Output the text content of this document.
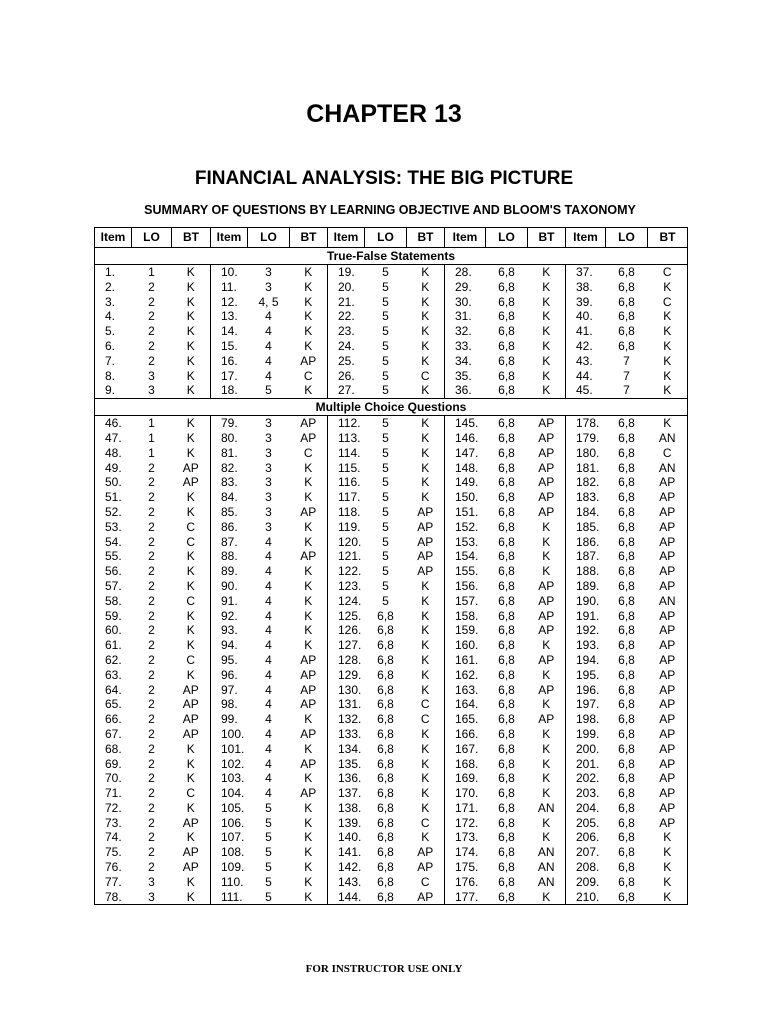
CHAPTER 13
FINANCIAL ANALYSIS: THE BIG PICTURE
SUMMARY OF QUESTIONS BY LEARNING OBJECTIVE AND BLOOM'S TAXONOMY
Item	LO	BT	Item	LO	BT	Item	LO	BT	Item	LO	BT	Item	LO	BT
True-False Statements														
1.	1	K	10.	3	K	19.	5	K	28.	6,8	K	37.	6,8	C
2.	2	K	11.	3	K	20.	5	K	29.	6,8	K	38.	6,8	K
3.	2	K	12.	4, 5	K	21.	5	K	30.	6,8	K	39.	6,8	C
4.	2	K	13.	4	K	22.	5	K	31.	6,8	K	40.	6,8	K
5.	2	K	14.	4	K	23.	5	K	32.	6,8	K	41.	6,8	K
6.	2	K	15.	4	K	24.	5	K	33.	6,8	K	42.	6,8	K
7.	2	K	16.	4	AP	25.	5	K	34.	6,8	K	43.	7	K
8.	3	K	17.	4	C	26.	5	C	35.	6,8	K	44.	7	K
9.	3	K	18.	5	K	27.	5	K	36.	6,8	K	45.	7	K
Multiple Choice Questions														
46.	1	K	79.	3	AP	112.	5	K	145.	6,8	AP	178.	6,8	K
47.	1	K	80.	3	AP	113.	5	K	146.	6,8	AP	179.	6,8	AN
48.	1	K	81.	3	C	114.	5	K	147.	6,8	AP	180.	6,8	C
49.	2	AP	82.	3	K	115.	5	K	148.	6,8	AP	181.	6,8	AN
50.	2	AP	83.	3	K	116.	5	K	149.	6,8	AP	182.	6,8	AP
51.	2	K	84.	3	K	117.	5	K	150.	6,8	AP	183.	6,8	AP
52.	2	K	85.	3	AP	118.	5	AP	151.	6,8	AP	184.	6,8	AP
53.	2	C	86.	3	K	119.	5	AP	152.	6,8	K	185.	6,8	AP
54.	2	C	87.	4	K	120.	5	AP	153.	6,8	K	186.	6,8	AP
55.	2	K	88.	4	AP	121.	5	AP	154.	6,8	K	187.	6,8	AP
56.	2	K	89.	4	K	122.	5	AP	155.	6,8	K	188.	6,8	AP
57.	2	K	90.	4	K	123.	5	K	156.	6,8	AP	189.	6,8	AP
58.	2	C	91.	4	K	124.	5	K	157.	6,8	AP	190.	6,8	AN
59.	2	K	92.	4	K	125.	6,8	K	158.	6,8	AP	191.	6,8	AP
60.	2	K	93.	4	K	126.	6,8	K	159.	6,8	AP	192.	6,8	AP
61.	2	K	94.	4	K	127.	6,8	K	160.	6,8	K	193.	6,8	AP
62.	2	C	95.	4	AP	128.	6,8	K	161.	6,8	AP	194.	6,8	AP
63.	2	K	96.	4	AP	129.	6,8	K	162.	6,8	K	195.	6,8	AP
64.	2	AP	97.	4	AP	130.	6,8	K	163.	6,8	AP	196.	6,8	AP
65.	2	AP	98.	4	AP	131.	6,8	C	164.	6,8	K	197.	6,8	AP
66.	2	AP	99.	4	K	132.	6,8	C	165.	6,8	AP	198.	6,8	AP
67.	2	AP	100.	4	AP	133.	6,8	K	166.	6,8	K	199.	6,8	AP
68.	2	K	101.	4	K	134.	6,8	K	167.	6,8	K	200.	6,8	AP
69.	2	K	102.	4	AP	135.	6,8	K	168.	6,8	K	201.	6,8	AP
70.	2	K	103.	4	K	136.	6,8	K	169.	6,8	K	202.	6,8	AP
71.	2	C	104.	4	AP	137.	6,8	K	170.	6,8	K	203.	6,8	AP
72.	2	K	105.	5	K	138.	6,8	K	171.	6,8	AN	204.	6,8	AP
73.	2	AP	106.	5	K	139.	6,8	C	172.	6,8	K	205.	6,8	AP
74.	2	K	107.	5	K	140.	6,8	K	173.	6,8	K	206.	6,8	K
75.	2	AP	108.	5	K	141.	6,8	AP	174.	6,8	AN	207.	6,8	K
76.	2	AP	109.	5	K	142.	6,8	AP	175.	6,8	AN	208.	6,8	K
77.	3	K	110.	5	K	143.	6,8	C	176.	6,8	AN	209.	6,8	K
78.	3	K	111.	5	K	144.	6,8	AP	177.	6,8	K	210.	6,8	K
FOR INSTRUCTOR USE ONLY
